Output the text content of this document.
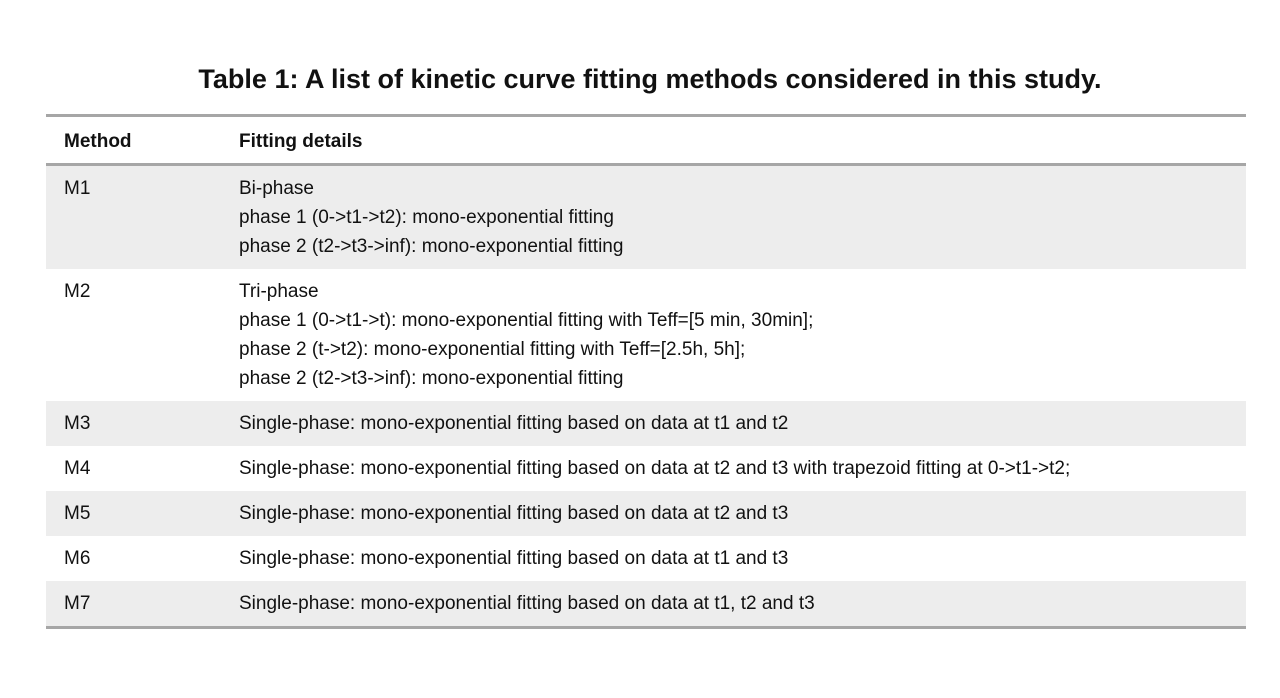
Table 1: A list of kinetic curve fitting methods considered in this study.
Method	Fitting details
M1	Bi-phase
phase 1 (0->t1->t2): mono-exponential fitting
phase 2 (t2->t3->inf): mono-exponential fitting

M2	Tri-phase
phase 1 (0->t1->t): mono-exponential fitting with Teff=[5 min, 30min];
phase 2 (t->t2): mono-exponential fitting with Teff=[2.5h, 5h];
phase 2 (t2->t3->inf): mono-exponential fitting

M3	Single-phase: mono-exponential fitting based on data at t1 and t2

M4	Single-phase: mono-exponential fitting based on data at t2 and t3 with trapezoid fitting at 0->t1->t2;

M5	Single-phase: mono-exponential fitting based on data at t2 and t3

M6	Single-phase: mono-exponential fitting based on data at t1 and t3

M7	Single-phase: mono-exponential fitting based on data at t1, t2 and t3
